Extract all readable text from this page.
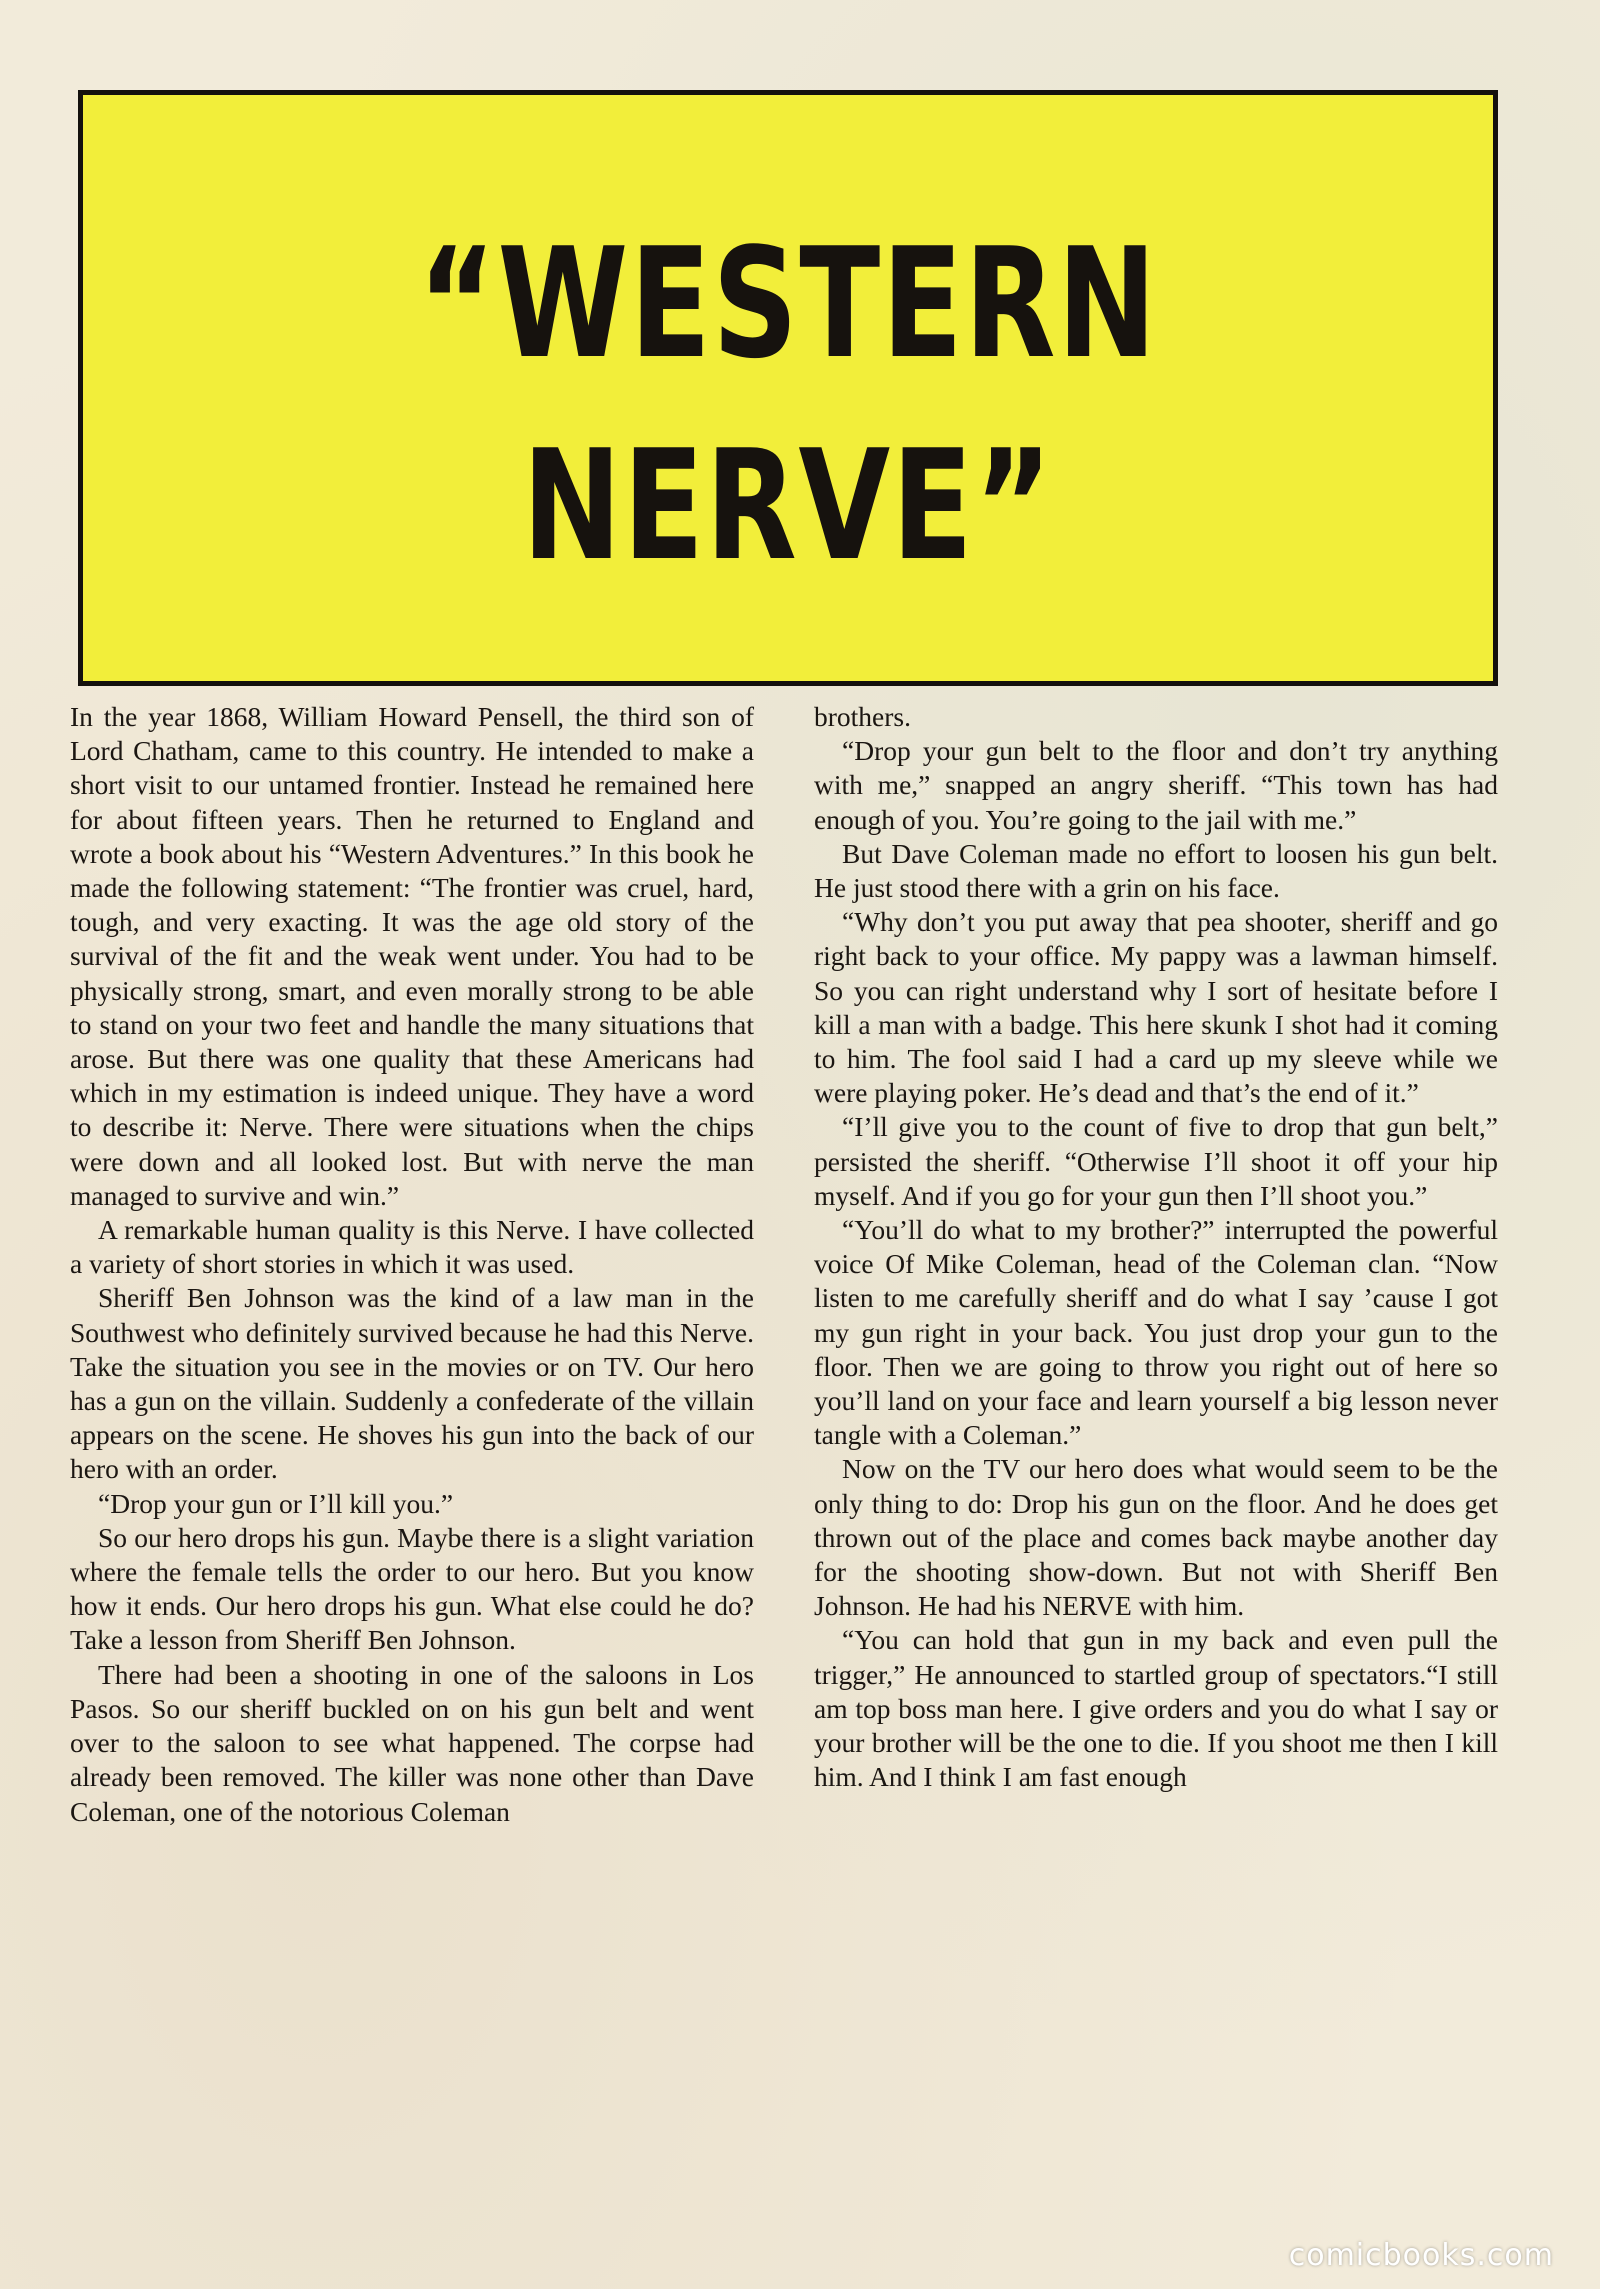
“WESTERN
NERVE”

In the year 1868, William Howard Pensell, the third son of Lord Chatham, came to this country. He intended to make a short visit to our untamed frontier. Instead he remained here for about fifteen years. Then he returned to England and wrote a book about his “Western Adventures.” In this book he made the following statement: “The frontier was cruel, hard, tough, and very exacting. It was the age old story of the survival of the fit and the weak went under. You had to be physically strong, smart, and even morally strong to be able to stand on your two feet and handle the many situations that arose. But there was one quality that these Americans had which in my estimation is indeed unique. They have a word to describe it: Nerve. There were situations when the chips were down and all looked lost. But with nerve the man managed to survive and win.”

A remarkable human quality is this Nerve. I have collected a variety of short stories in which it was used.

Sheriff Ben Johnson was the kind of a law man in the Southwest who definitely survived because he had this Nerve. Take the situation you see in the movies or on TV. Our hero has a gun on the villain. Suddenly a confederate of the villain appears on the scene. He shoves his gun into the back of our hero with an order.

“Drop your gun or I’ll kill you.”

So our hero drops his gun. Maybe there is a slight variation where the female tells the order to our hero. But you know how it ends. Our hero drops his gun. What else could he do? Take a lesson from Sheriff Ben Johnson.

There had been a shooting in one of the saloons in Los Pasos. So our sheriff buckled on on his gun belt and went over to the saloon to see what happened. The corpse had already been removed. The killer was none other than Dave Coleman, one of the notorious Coleman

brothers.

“Drop your gun belt to the floor and don’t try anything with me,” snapped an angry sheriff. “This town has had enough of you. You’re going to the jail with me.”

But Dave Coleman made no effort to loosen his gun belt. He just stood there with a grin on his face.

“Why don’t you put away that pea shooter, sheriff and go right back to your office. My pappy was a lawman himself. So you can right understand why I sort of hesitate before I kill a man with a badge. This here skunk I shot had it coming to him. The fool said I had a card up my sleeve while we were playing poker. He’s dead and that’s the end of it.”

“I’ll give you to the count of five to drop that gun belt,” persisted the sheriff. “Otherwise I’ll shoot it off your hip myself. And if you go for your gun then I’ll shoot you.”

“You’ll do what to my brother?” interrupted the powerful voice Of Mike Coleman, head of the Coleman clan. “Now listen to me carefully sheriff and do what I say ’cause I got my gun right in your back. You just drop your gun to the floor. Then we are going to throw you right out of here so you’ll land on your face and learn yourself a big lesson never tangle with a Coleman.”

Now on the TV our hero does what would seem to be the only thing to do: Drop his gun on the floor. And he does get thrown out of the place and comes back maybe another day for the shooting show-down. But not with Sheriff Ben Johnson. He had his NERVE with him.

“You can hold that gun in my back and even pull the trigger,” He announced to startled group of spectators.“I still am top boss man here. I give orders and you do what I say or your brother will be the one to die. If you shoot me then I kill him. And I think I am fast enough

comicbooks.com
